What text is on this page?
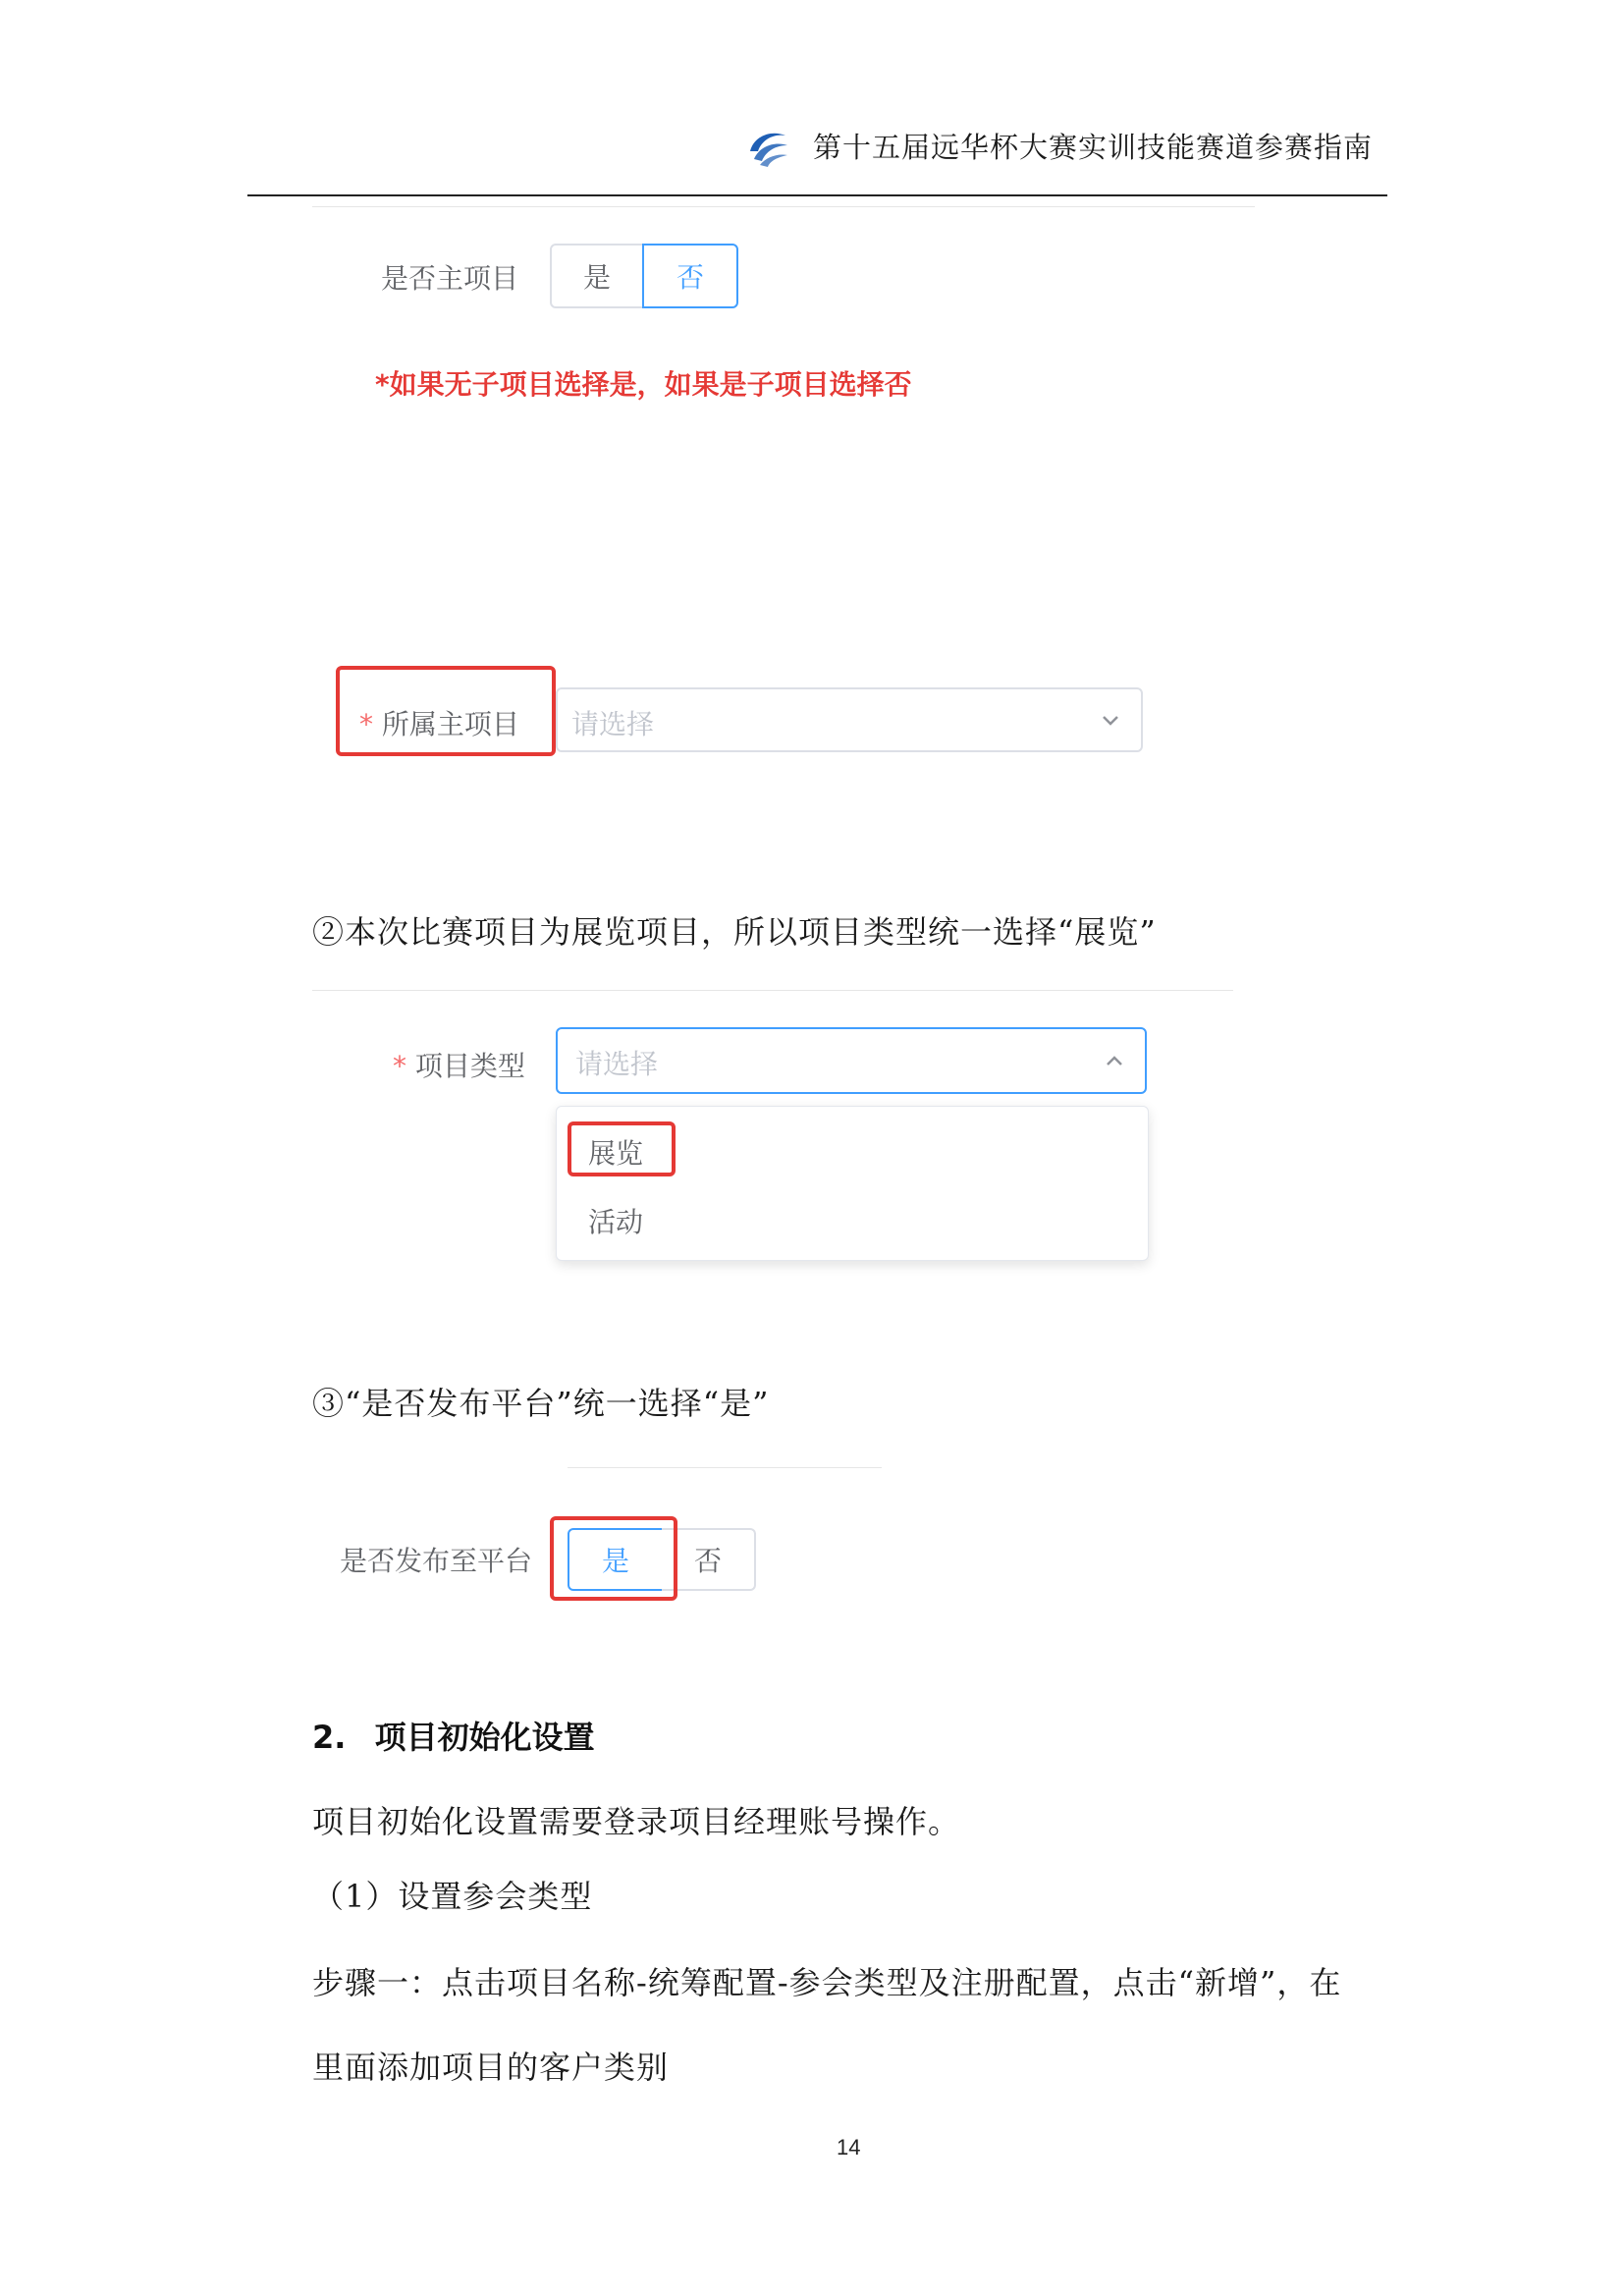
第十五届远华杯大赛实训技能赛道参赛指南
是否主项目	是	否
*如果无子项目选择是，如果是子项目选择否
* 所属主项目 请选择
②本次比赛项目为展览项目，所以项目类型统一选择“展览”
* 项目类型 请选择
展览
活动
③“是否发布平台”统一选择“是”
是否发布至平台	是	否
2. 项目初始化设置
项目初始化设置需要登录项目经理账号操作。
（1）设置参会类型
步骤一：点击项目名称-统筹配置-参会类型及注册配置，点击“新增”，在
里面添加项目的客户类别
14
